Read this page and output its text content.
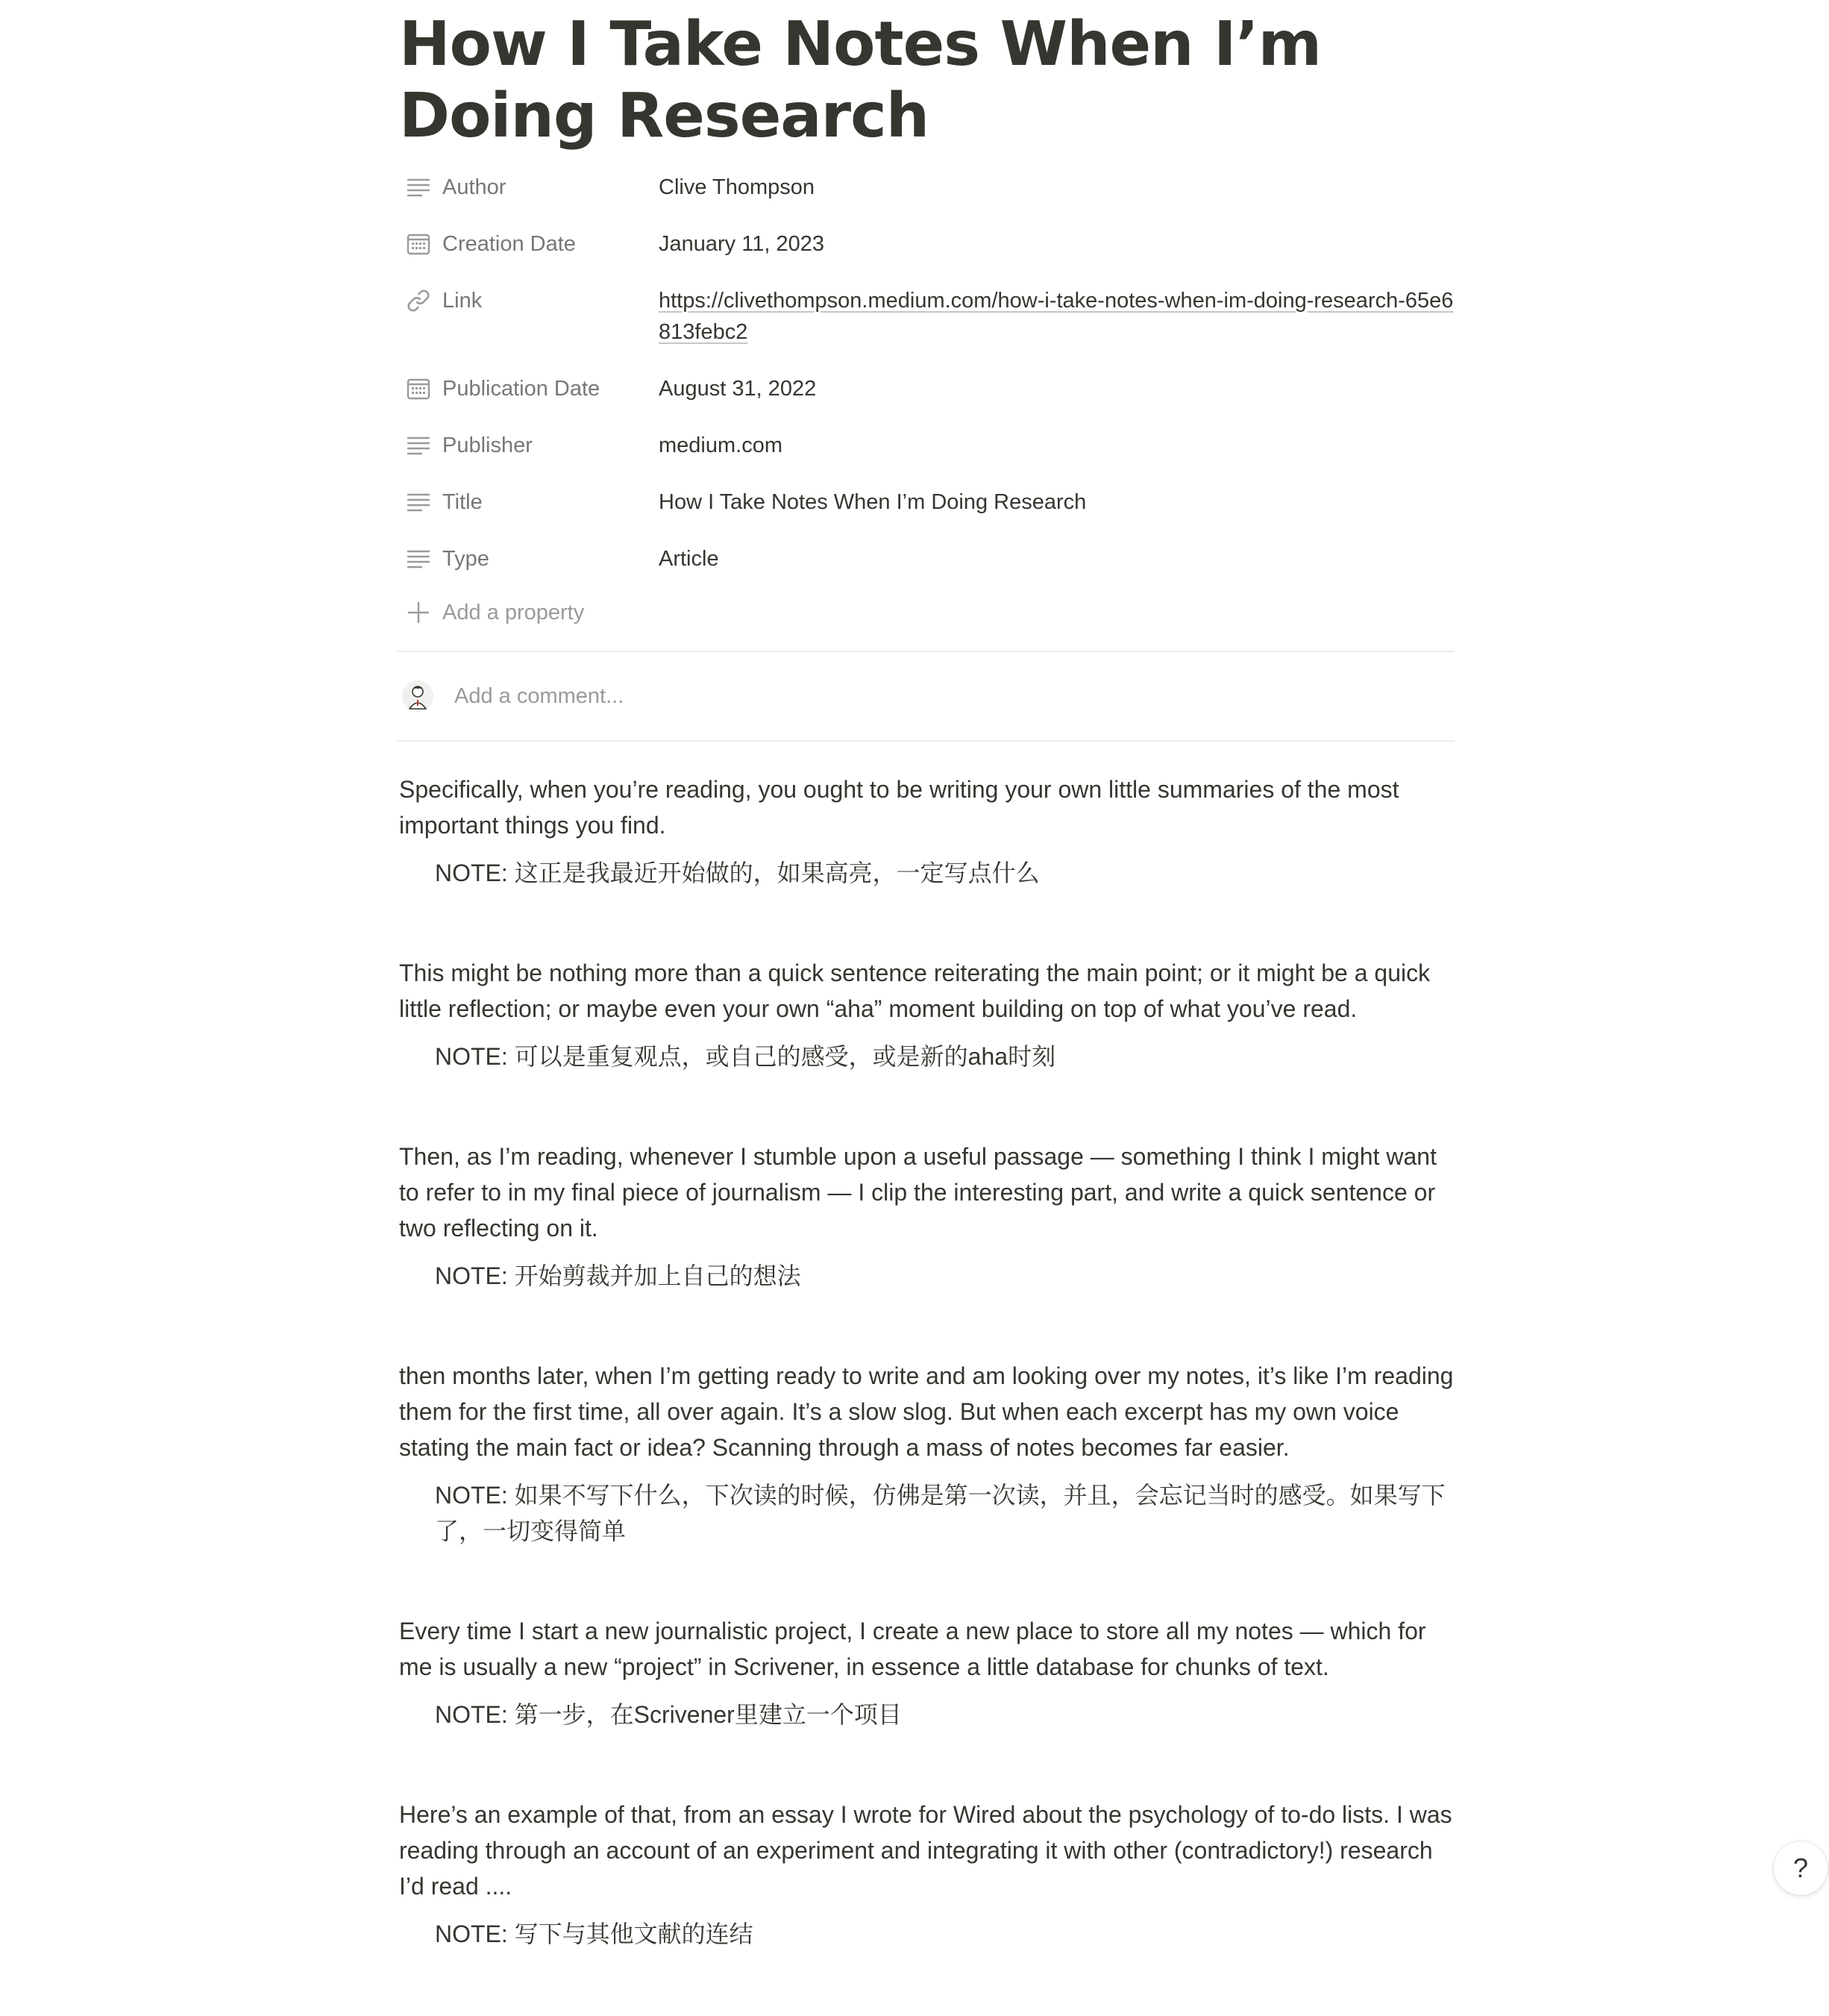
How I Take Notes When I’m Doing Research
Author	Clive Thompson
Creation Date	January 11, 2023
Link	https://clivethompson.medium.com/how-i-take-notes-when-im-doing-research-65e6813febc2
Publication Date	August 31, 2022
Publisher	medium.com
Title	How I Take Notes When I’m Doing Research
Type	Article
Add a property
Add a comment...

Specifically, when you’re reading, you ought to be writing your own little summaries of the most important things you find.

NOTE: 这正是我最近开始做的，如果高亮，一定写点什么

This might be nothing more than a quick sentence reiterating the main point; or it might be a quick little reflection; or maybe even your own “aha” moment building on top of what you’ve read.

NOTE: 可以是重复观点，或自己的感受，或是新的aha时刻

Then, as I’m reading, whenever I stumble upon a useful passage — something I think I might want to refer to in my final piece of journalism — I clip the interesting part, and write a quick sentence or two reflecting on it.

NOTE: 开始剪裁并加上自己的想法

then months later, when I’m getting ready to write and am looking over my notes, it’s like I’m reading them for the first time, all over again. It’s a slow slog. But when each excerpt has my own voice stating the main fact or idea? Scanning through a mass of notes becomes far easier.

NOTE: 如果不写下什么，下次读的时候，仿佛是第一次读，并且，会忘记当时的感受。如果写下了，一切变得简单

Every time I start a new journalistic project, I create a new place to store all my notes — which for me is usually a new “project” in Scrivener, in essence a little database for chunks of text.

NOTE: 第一步，在Scrivener里建立一个项目

Here’s an example of that, from an essay I wrote for Wired about the psychology of to-do lists. I was reading through an account of an experiment and integrating it with other (contradictory!) research I’d read ....

NOTE: 写下与其他文献的连结

?
